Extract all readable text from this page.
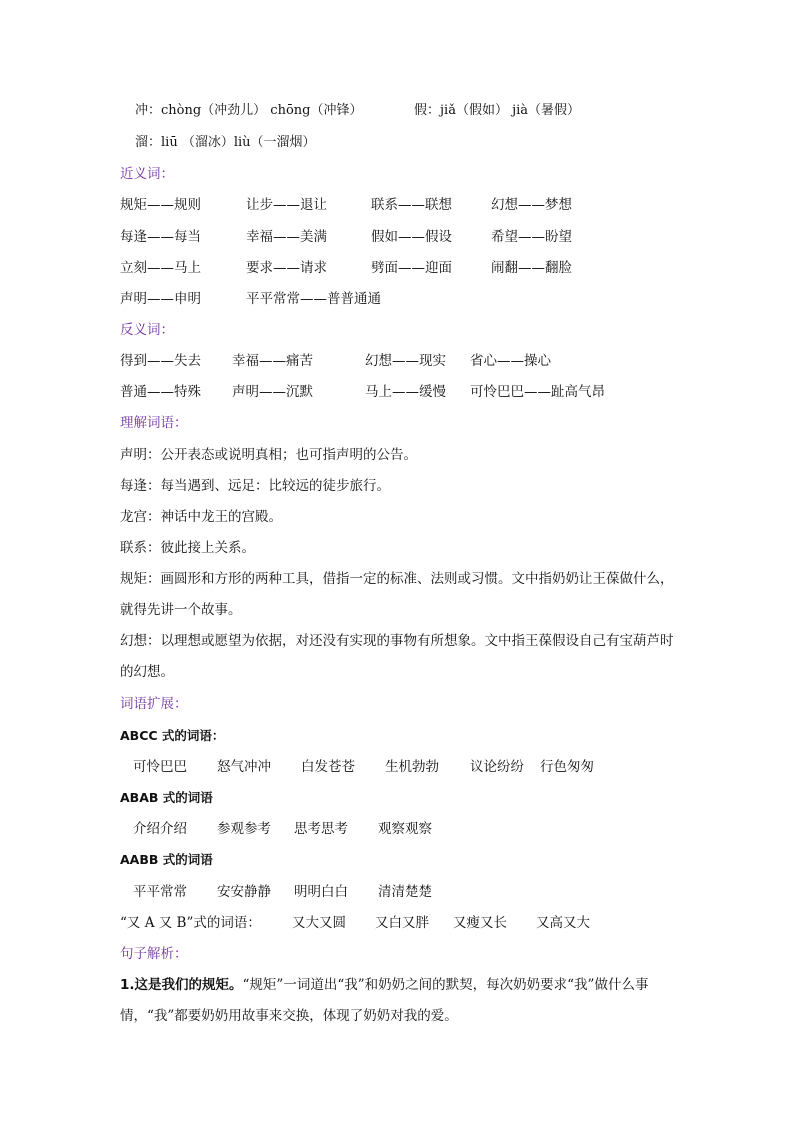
冲：chòng（冲劲儿） chōng（冲锋）	假：jiǎ（假如） jià（暑假）
溜：liū （溜冰）liù（一溜烟）
近义词：
规矩——规则	让步——退让	联系——联想	幻想——梦想
每逢——每当	幸福——美满	假如——假设	希望——盼望
立刻——马上	要求——请求	劈面——迎面	闹翻——翻脸
声明——申明	平平常常——普普通通
反义词：
得到——失去 幸福——痛苦	幻想——现实 省心——操心
普通——特殊 声明——沉默	马上——缓慢 可怜巴巴——趾高气昂
理解词语：
声明：公开表态或说明真相；也可指声明的公告。
每逢：每当遇到、远足：比较远的徒步旅行。
龙宫：神话中龙王的宫殿。
联系：彼此接上关系。
规矩：画圆形和方形的两种工具，借指一定的标准、法则或习惯。文中指奶奶让王葆做什么，就得先讲一个故事。
幻想：以理想或愿望为依据，对还没有实现的事物有所想象。文中指王葆假设自己有宝葫芦时的幻想。
词语扩展：
ABCC 式的词语：
可怜巴巴 怒气冲冲 白发苍苍 生机勃勃 议论纷纷 行色匆匆
ABAB 式的词语
介绍介绍 参观参考 思考思考 观察观察
AABB 式的词语
平平常常 安安静静 明明白白 清清楚楚
“又 A 又 B”式的词语： 又大又圆 又白又胖 又瘦又长 又高又大
句子解析：
1.这是我们的规矩。“规矩”一词道出“我”和奶奶之间的默契，每次奶奶要求“我”做什么事情，“我”都要奶奶用故事来交换，体现了奶奶对我的爱。
